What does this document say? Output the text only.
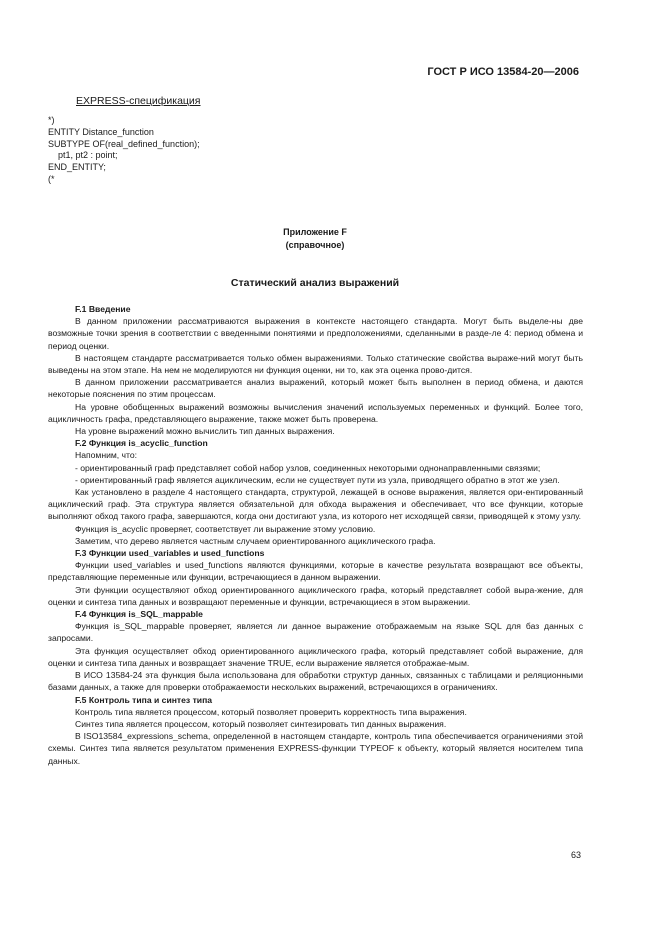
ГОСТ Р ИСО 13584-20—2006
EXPRESS-спецификация
*)
ENTITY Distance_function
SUBTYPE OF(real_defined_function);
pt1, pt2 : point;
END_ENTITY;
(*
Приложение F
(справочное)
Статический анализ выражений

F.1 Введение

В данном приложении рассматриваются выражения в контексте настоящего стандарта. Могут быть выделе-ны две возможные точки зрения в соответствии с введенными понятиями и предположениями, сделанными в разде-ле 4: период обмена и период оценки.

В настоящем стандарте рассматривается только обмен выражениями. Только статические свойства выраже-ний могут быть выведены на этом этапе. На нем не моделируются ни функция оценки, ни то, как эта оценка прово-дится.

В данном приложении рассматривается анализ выражений, который может быть выполнен в период обмена, и даются некоторые пояснения по этим процессам.

На уровне обобщенных выражений возможны вычисления значений используемых переменных и функций. Более того, ацикличность графа, представляющего выражение, также может быть проверена.

На уровне выражений можно вычислить тип данных выражения.

F.2 Функция is_acyclic_function

Напомним, что:

- ориентированный граф представляет собой набор узлов, соединенных некоторыми однонаправленными связями;

- ориентированный граф является ациклическим, если не существует пути из узла, приводящего обратно в этот же узел.

Как установлено в разделе 4 настоящего стандарта, структурой, лежащей в основе выражения, является ори-ентированный ациклический граф. Эта структура является обязательной для обхода выражения и обеспечивает, что все функции, которые выполняют обход такого графа, завершаются, когда они достигают узла, из которого нет исходящей связи, приводящей к этому узлу.

Функция is_acyclic проверяет, соответствует ли выражение этому условию.

Заметим, что дерево является частным случаем ориентированного ациклического графа.

F.3 Функции used_variables и used_functions

Функции used_variables и used_functions являются функциями, которые в качестве результата возвращают все объекты, представляющие переменные или функции, встречающиеся в данном выражении.

Эти функции осуществляют обход ориентированного ациклического графа, который представляет собой выра-жение, для оценки и синтеза типа данных и возвращают переменные и функции, встречающиеся в этом выражении.

F.4 Функция is_SQL_mappable

Функция is_SQL_mappable проверяет, является ли данное выражение отображаемым на языке SQL для баз данных с запросами.

Эта функция осуществляет обход ориентированного ациклического графа, который представляет собой выражение, для оценки и синтеза типа данных и возвращает значение TRUE, если выражение является отображае-мым.

В ИСО 13584-24 эта функция была использована для обработки структур данных, связанных с таблицами и реляционными базами данных, а также для проверки отображаемости нескольких выражений, встречающихся в ограничениях.

F.5 Контроль типа и синтез типа

Контроль типа является процессом, который позволяет проверить корректность типа выражения.

Синтез типа является процессом, который позволяет синтезировать тип данных выражения.

В ISO13584_expressions_schema, определенной в настоящем стандарте, контроль типа обеспечивается ограничениями этой схемы. Синтез типа является результатом применения EXPRESS-функции TYPEOF к объекту, который является носителем типа данных.

63
